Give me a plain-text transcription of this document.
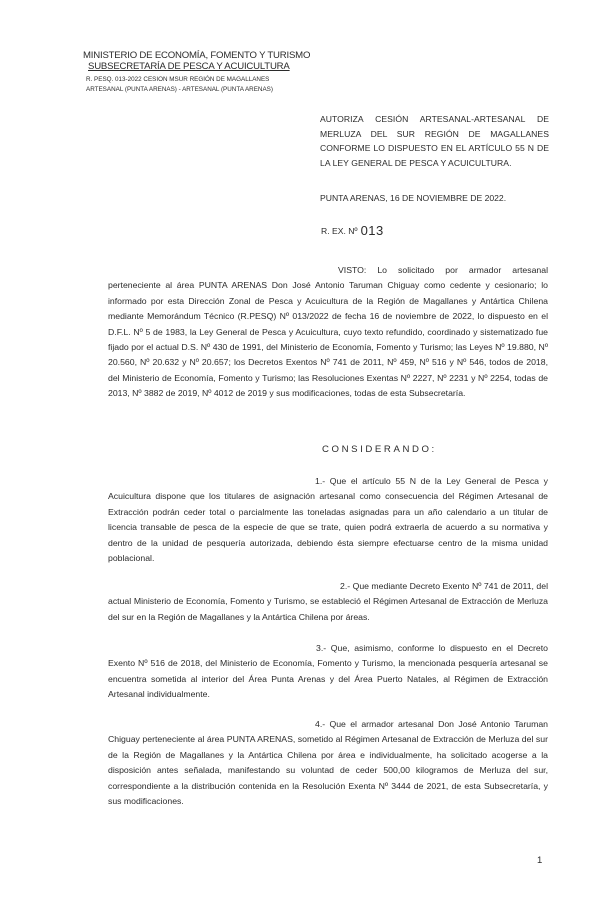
MINISTERIO DE ECONOMÍA, FOMENTO Y TURISMO
SUBSECRETARÍA DE PESCA Y ACUICULTURA
R. PESQ. 013-2022 CESION MSUR REGIÓN DE MAGALLANES
ARTESANAL (PUNTA ARENAS) - ARTESANAL (PUNTA ARENAS)
AUTORIZA CESIÓN ARTESANAL-ARTESANAL DE MERLUZA DEL SUR REGIÓN DE MAGALLANES CONFORME LO DISPUESTO EN EL ARTÍCULO 55 N DE LA LEY GENERAL DE PESCA Y ACUICULTURA.
PUNTA ARENAS, 16 DE NOVIEMBRE DE 2022.
R. EX. Nº 013
VISTO: Lo solicitado por armador artesanal perteneciente al área PUNTA ARENAS Don José Antonio Taruman Chiguay como cedente y cesionario; lo informado por esta Dirección Zonal de Pesca y Acuicultura de la Región de Magallanes y Antártica Chilena mediante Memorándum Técnico (R.PESQ) Nº 013/2022 de fecha 16 de noviembre de 2022, lo dispuesto en el D.F.L. Nº 5 de 1983, la Ley General de Pesca y Acuicultura, cuyo texto refundido, coordinado y sistematizado fue fijado por el actual D.S. Nº 430 de 1991, del Ministerio de Economía, Fomento y Turismo; las Leyes Nº 19.880, Nº 20.560, Nº 20.632 y Nº 20.657; los Decretos Exentos Nº 741 de 2011, Nº 459, Nº 516 y Nº 546, todos de 2018, del Ministerio de Economía, Fomento y Turismo; las Resoluciones Exentas Nº 2227, Nº 2231 y Nº 2254, todas de 2013, Nº 3882 de 2019, Nº 4012 de 2019 y sus modificaciones, todas de esta Subsecretaría.
CONSIDERANDO:
1.- Que el artículo 55 N de la Ley General de Pesca y Acuicultura dispone que los titulares de asignación artesanal como consecuencia del Régimen Artesanal de Extracción podrán ceder total o parcialmente las toneladas asignadas para un año calendario a un titular de licencia transable de pesca de la especie de que se trate, quien podrá extraerla de acuerdo a su normativa y dentro de la unidad de pesquería autorizada, debiendo ésta siempre efectuarse centro de la misma unidad poblacional.
2.- Que mediante Decreto Exento Nº 741 de 2011, del actual Ministerio de Economía, Fomento y Turismo, se estableció el Régimen Artesanal de Extracción de Merluza del sur en la Región de Magallanes y la Antártica Chilena por áreas.
3.- Que, asimismo, conforme lo dispuesto en el Decreto Exento Nº 516 de 2018, del Ministerio de Economía, Fomento y Turismo, la mencionada pesquería artesanal se encuentra sometida al interior del Área Punta Arenas y del Área Puerto Natales, al Régimen de Extracción Artesanal individualmente.
4.- Que el armador artesanal Don José Antonio Taruman Chiguay perteneciente al área PUNTA ARENAS, sometido al Régimen Artesanal de Extracción de Merluza del sur de la Región de Magallanes y la Antártica Chilena por área e individualmente, ha solicitado acogerse a la disposición antes señalada, manifestando su voluntad de ceder 500,00 kilogramos de Merluza del sur, correspondiente a la distribución contenida en la Resolución Exenta Nº 3444 de 2021, de esta Subsecretaría, y sus modificaciones.
1
